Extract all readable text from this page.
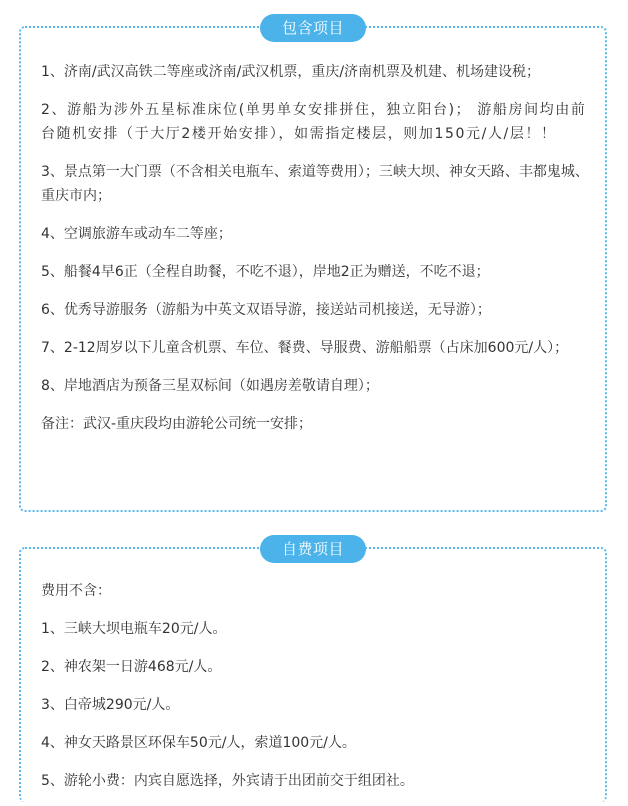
包含项目

1、济南/武汉高铁二等座或济南/武汉机票，重庆/济南机票及机建、机场建设税；

2、游船为涉外五星标准床位(单男单女安排拼住，独立阳台)； 游船房间均由前台随机安排（于大厅2楼开始安排），如需指定楼层，则加150元/人/层！！

3、景点第一大门票（不含相关电瓶车、索道等费用）；三峡大坝、神女天路、丰都鬼城、重庆市内；

4、空调旅游车或动车二等座；

5、船餐4早6正（全程自助餐，不吃不退），岸地2正为赠送，不吃不退；

6、优秀导游服务（游船为中英文双语导游，接送站司机接送，无导游）；

7、2-12周岁以下儿童含机票、车位、餐费、导服费、游船船票（占床加600元/人）；

8、岸地酒店为预备三星双标间（如遇房差敬请自理）；

备注：武汉-重庆段均由游轮公司统一安排；

自费项目

费用不含：

1、三峡大坝电瓶车20元/人。

2、神农架一日游468元/人。

3、白帝城290元/人。

4、神女天路景区环保车50元/人，索道100元/人。

5、游轮小费：内宾自愿选择，外宾请于出团前交于组团社。
